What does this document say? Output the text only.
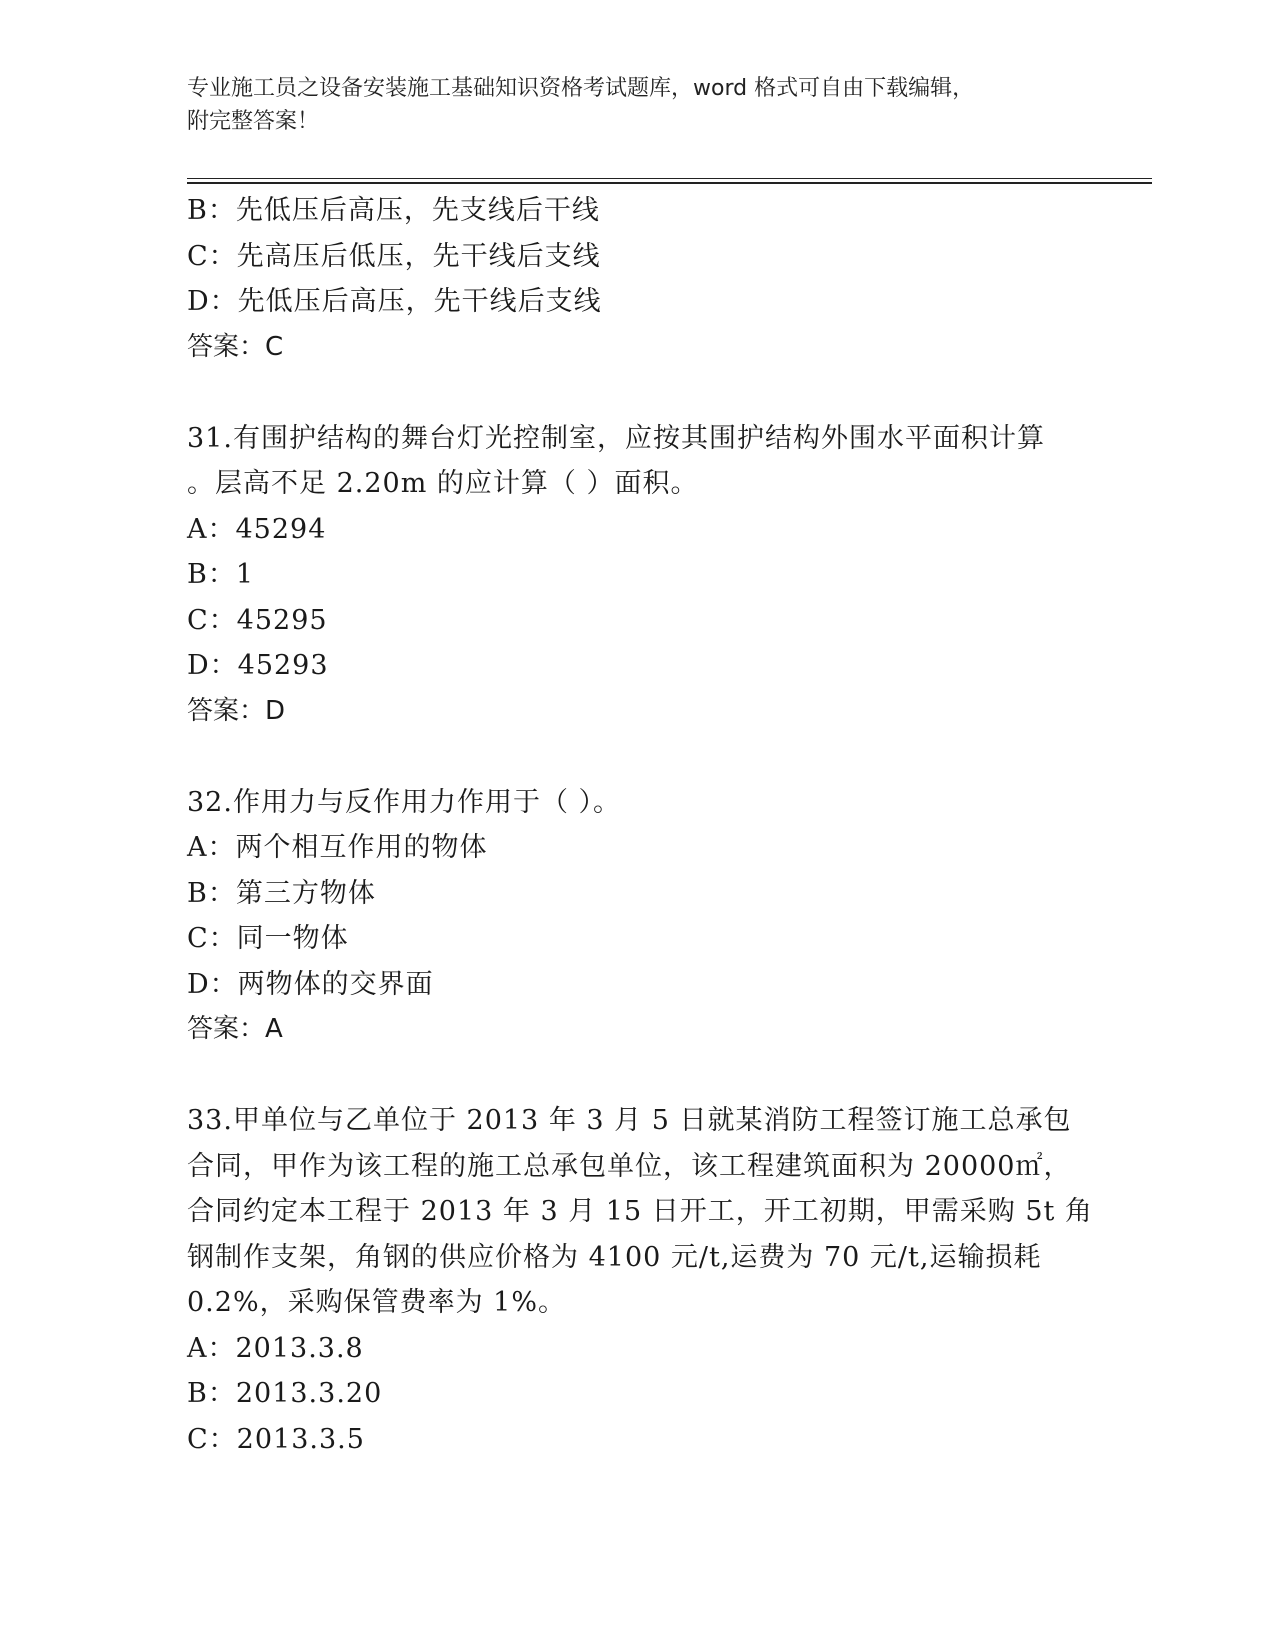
专业施工员之设备安装施工基础知识资格考试题库，word 格式可自由下载编辑，
附完整答案！
B：先低压后高压，先支线后干线
C：先高压后低压，先干线后支线
D：先低压后高压，先干线后支线
答案：C
31.有围护结构的舞台灯光控制室，应按其围护结构外围水平面积计算
。层高不足 2.20m 的应计算（ ）面积。
A：45294
B：1
C：45295
D：45293
答案：D
32.作用力与反作用力作用于（ ）。
A：两个相互作用的物体
B：第三方物体
C：同一物体
D：两物体的交界面
答案：A
33.甲单位与乙单位于 2013 年 3 月 5 日就某消防工程签订施工总承包
合同，甲作为该工程的施工总承包单位，该工程建筑面积为 20000㎡，
合同约定本工程于 2013 年 3 月 15 日开工，开工初期，甲需采购 5t 角
钢制作支架，角钢的供应价格为 4100 元/t,运费为 70 元/t,运输损耗
0.2%，采购保管费率为 1%。
A：2013.3.8
B：2013.3.20
C：2013.3.5
